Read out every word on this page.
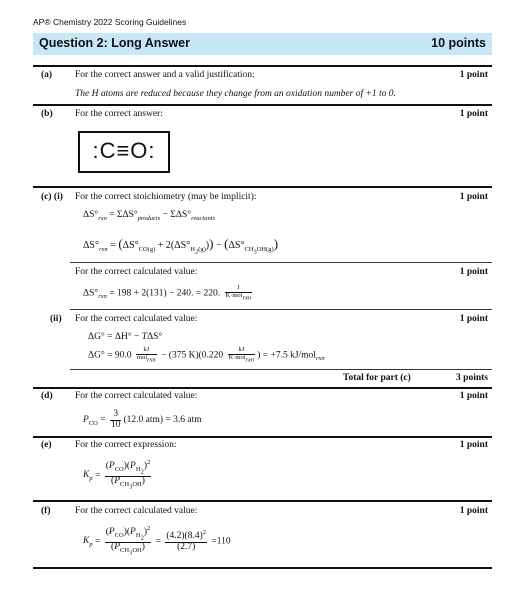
AP® Chemistry 2022 Scoring Guidelines
Question 2: Long Answer	10 points
(a) For the correct answer and a valid justification:	1 point
The H atoms are reduced because they change from an oxidation number of +1 to 0.
(b) For the correct answer:	1 point
:C≡O:
(c) (i) For the correct stoichiometry (may be implicit):	1 point
$\Delta S^\circ_{rxn} = \Sigma\Delta S^\circ_{products} - \Sigma\Delta S^\circ_{reactants}$
$\Delta S^\circ_{rxn} = (\Delta S^\circ_{CO(g)} + 2(\Delta S^\circ_{H_2(g)})) - (\Delta S^\circ_{CH_3OH(g)})$
For the correct calculated value:	1 point
$\Delta S^\circ_{rxn} = 198 + 2(131) - 240$. = 220. $\frac{J}{K\cdot mol_{rxn}}$
(ii) For the correct calculated value:	1 point
ΔG° = ΔH° − TΔS°
$\Delta G^\circ = 90.0 \frac{kJ}{mol_{rxn}} - (375$ $K)(0.220 \frac{kJ}{K\cdot mol_{rxn}}$ ) = +7.5 kJ/mol$_{rxn}$
Total for part (c)	3 points
(d) For the correct calculated value:	1 point
$P_{CO} = \frac{3}{10} (12.0$ atm) = 3.6 atm
(e) For the correct expression:	1 point
$K_p = \frac{(P_{CO})(P_{H_2})^2}{(P_{CH_3OH})}$
(f)	For the correct calculated value:	1 point
$K_p = \frac{(P_{CO})(P_{H_2})^2}{(P_{CH_3OH})} = \frac{(4.2)(8.4)^2}{(2.7)} =110$
